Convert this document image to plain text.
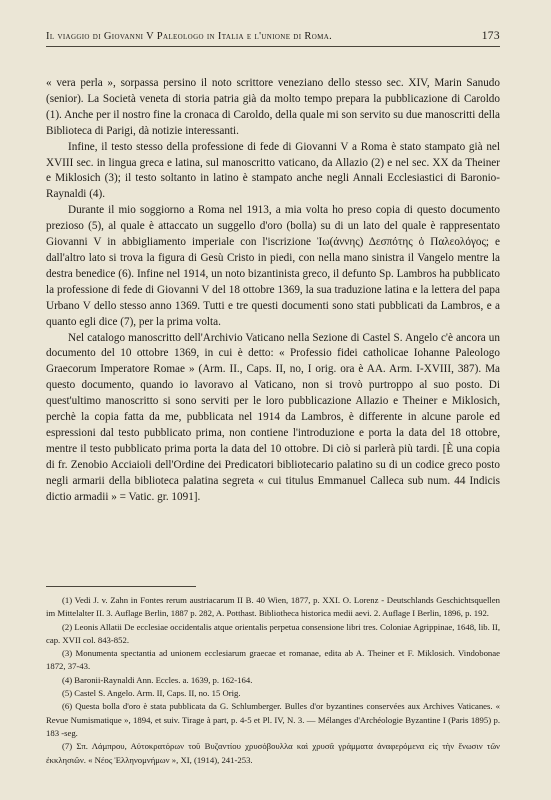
Il viaggio di Giovanni V Paleologo in Italia e l'unione di Roma.	173

« vera perla », sorpassa persino il noto scrittore veneziano dello stesso sec. XIV, Marin Sanudo (senior). La Società veneta di storia patria già da molto tempo prepara la pubblicazione di Caroldo (1). Anche per il nostro fine la cronaca di Caroldo, della quale mi son servito su due manoscritti della Biblioteca di Parigi, dà notizie interessanti.

Infine, il testo stesso della professione di fede di Giovanni V a Roma è stato stampato già nel XVIII sec. in lingua greca e latina, sul manoscritto vaticano, da Allazio (2) e nel sec. XX da Theiner e Miklosich (3); il testo soltanto in latino è stampato anche negli Annali Ecclesiastici di Baronio-Raynaldi (4).

Durante il mio soggiorno a Roma nel 1913, a mia volta ho preso copia di questo documento prezioso (5), al quale è attaccato un suggello d'oro (bolla) su di un lato del quale è rappresentato Giovanni V in abbigliamento imperiale con l'iscrizione Ἰω(άννης) Δεσπότης ὁ Παλεολόγος; e dall'altro lato si trova la figura di Gesù Cristo in piedi, con nella mano sinistra il Vangelo mentre la destra benedice (6). Infine nel 1914, un noto bizantinista greco, il defunto Sp. Lambros ha pubblicato la professione di fede di Giovanni V del 18 ottobre 1369, la sua traduzione latina e la lettera del papa Urbano V dello stesso anno 1369. Tutti e tre questi documenti sono stati pubblicati da Lambros, e a quanto egli dice (7), per la prima volta.

Nel catalogo manoscritto dell'Archivio Vaticano nella Sezione di Castel S. Angelo c'è ancora un documento del 10 ottobre 1369, in cui è detto: « Professio fidei catholicae Iohanne Paleologo Graecorum Imperatore Romae » (Arm. II., Caps. II, no, I orig. ora è AA. Arm. I-XVIII, 387). Ma questo documento, quando io lavoravo al Vaticano, non si trovò purtroppo al suo posto. Di quest'ultimo manoscritto si sono serviti per le loro pubblicazione Allazio e Theiner e Miklosich, perchè la copia fatta da me, pubblicata nel 1914 da Lambros, è differente in alcune parole ed espressioni dal testo pubblicato prima, non contiene l'introduzione e porta la data del 18 ottobre, mentre il testo pubblicato prima porta la data del 10 ottobre. Di ciò si parlerà più tardi. [È una copia di fr. Zenobio Acciaioli dell'Ordine dei Predicatori bibliotecario palatino su di un codice greco posto negli armarii della biblioteca palatina segreta « cui titulus Emmanuel Calleca sub num. 44 Indicis dictio armadii » = Vatic. gr. 1091].

(1) Vedi J. v. Zahn in Fontes rerum austriacarum II B. 40 Wien, 1877, p. XXI. O. Lorenz - Deutschlands Geschichtsquellen im Mittelalter II. 3. Auflage Berlin, 1887 p. 282, A. Potthast. Bibliotheca historica medii aevi. 2. Auflage I Berlin, 1896, p. 192.

(2) Leonis Allatii De ecclesiae occidentalis atque orientalis perpetua consensione libri tres. Coloniae Agrippinae, 1648, lib. II, cap. XVII col. 843-852.

(3) Monumenta spectantia ad unionem ecclesiarum graecae et romanae, edita ab A. Theiner et F. Miklosich. Vindobonae 1872, 37-43.

(4) Baronii-Raynaldi Ann. Eccles. a. 1639, p. 162-164.

(5) Castel S. Angelo. Arm. II, Caps. II, no. 15 Orig.

(6) Questa bolla d'oro è stata pubblicata da G. Schlumberger. Bulles d'or byzantines conservées aux Archives Vaticanes. « Revue Numismatique », 1894, et suiv. Tirage à part, p. 4-5 et Pl. IV, N. 3. — Mélanges d'Archéologie Byzantine I (Paris 1895) p. 183 -seg.

(7) Σπ. Λάμπρου, Αὐτοκρατόρων τοῦ Βυζαντίου χρυσόβουλλα καὶ χρυσᾶ γράμματα ἀναφερόμενα εἰς τὴν ἕνωσιν τῶν ἐκκλησιῶν. « Νέος Ἑλληνομνήμων », XI, (1914), 241-253.
